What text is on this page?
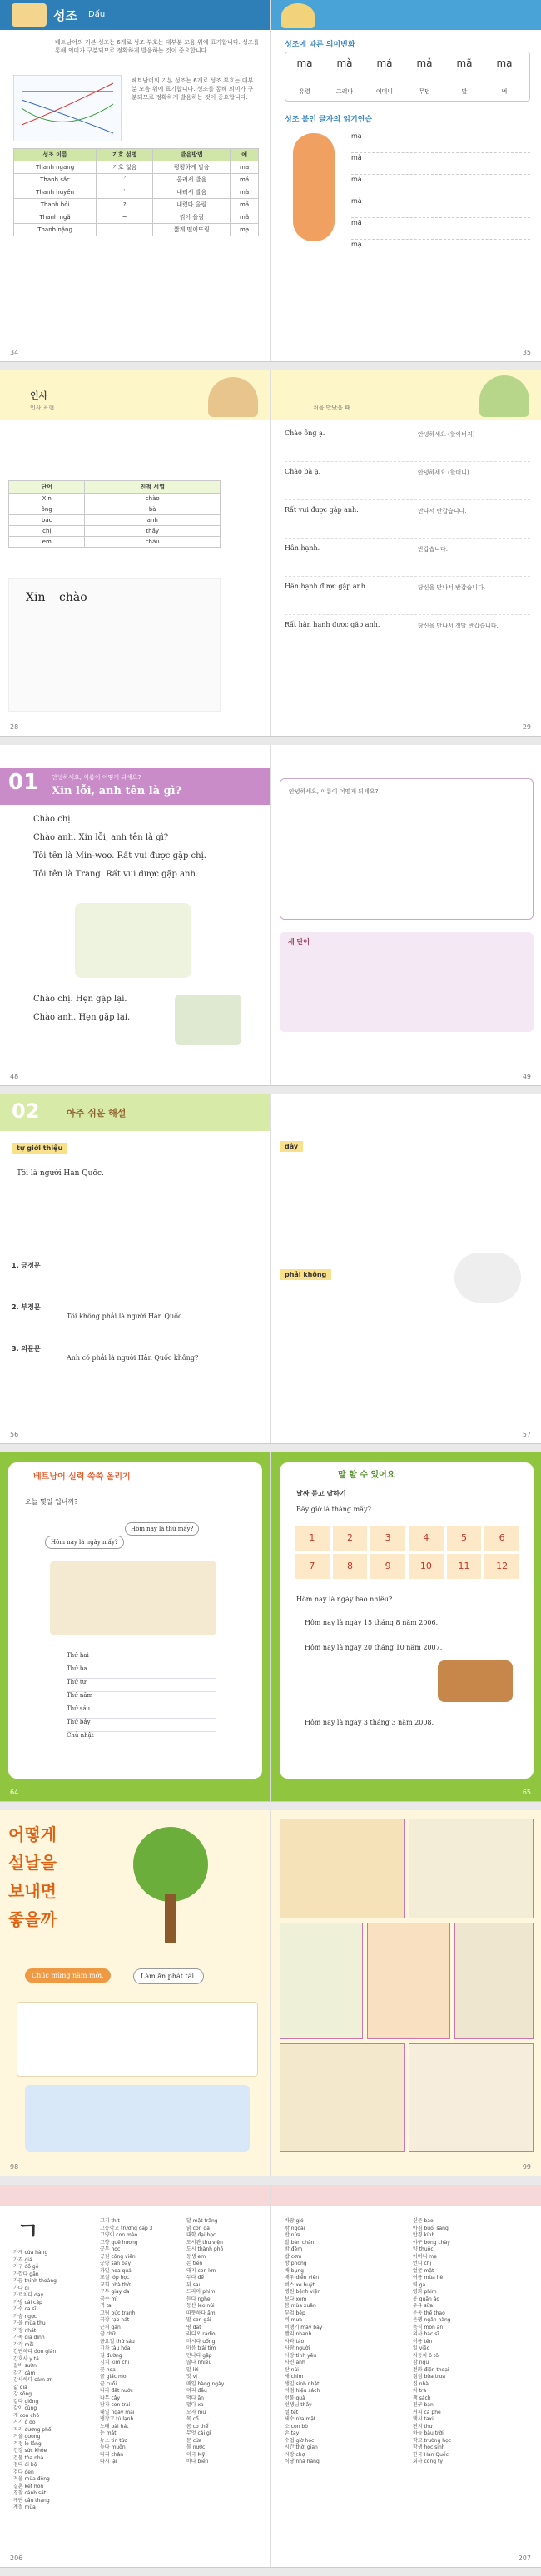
성조 Dấu
베트남어의 기본 성조는 6개로 성조 부호는 대부분 모음 위에 표기합니다. 성조를 통해 의미가 구분되므로 정확하게 발음하는 것이 중요합니다.
베트남어의 기본 성조는 6개로 성조 부호는 대부분 모음 위에 표기합니다. 성조를 통해 의미가 구분되므로 정확하게 발음하는 것이 중요합니다.
성조 이름	기호 설명	발음방법	예
Thanh ngang	기호 없음	평평하게 발음	ma
Thanh sắc	´	올려서 발음	má
Thanh huyền	`	내려서 발음	mà
Thanh hỏi	?	내렸다 올림	mả
Thanh ngã	~	꺾어 올림	mã
Thanh nặng	.	짧게 떨어뜨림	mạ
34
성조에 따른 의미변화
ma	mà	má	mả	mã	mạ
유령	그러나	어머니	무덤	말	벼
성조 붙인 글자의 읽기연습
ma
mà
má
mả
mã
mạ
35
인사
인사 표현
단어	친척 서열
Xin	chào
ông	bà
bác	anh
chị	thầy
em	cháu
Xin chào
28
처음 만났을 때
Chào ông ạ.	안녕하세요 (할아버지)
Chào bà ạ.	안녕하세요 (할머니)
Rất vui được gặp anh.	만나서 반갑습니다.
Hân hạnh.	반갑습니다.
Hân hạnh được gặp anh.	당신을 만나서 반갑습니다.
Rất hân hạnh được gặp anh.	당신을 만나서 정말 반갑습니다.
29
01 안녕하세요, 이름이 어떻게 되세요?
Xin lỗi, anh tên là gì?
Chào chị.
Chào anh. Xin lỗi, anh tên là gì?
Tôi tên là Min-woo. Rất vui được gặp chị.
Tôi tên là Trang. Rất vui được gặp anh.
Chào chị. Hẹn gặp lại.
Chào anh. Hẹn gặp lại.
48
안녕하세요, 이름이 어떻게 되세요?
새 단어
49
02	아주 쉬운 해설
tự giới thiệu
Tôi là người Hàn Quốc.
1. 긍정문
2. 부정문
3. 의문문
Tôi không phải là người Hàn Quốc.
Anh có phải là người Hàn Quốc không?
56
đây
phải không
57
베트남어 실력 쑥쑥 올리기
오늘 몇일 입니까?
Hôm nay là ngày mấy?
Hôm nay là thứ mấy?
Thứ hai
Thứ ba
Thứ tư
Thứ năm
Thứ sáu
Thứ bảy
Chủ nhật
64
말 할 수 있어요
날짜 묻고 답하기
Bây giờ là tháng mấy?
1	2	3	4	5	6
7	8	9	10	11	12
Hôm nay là ngày bao nhiêu?
Hôm nay là ngày 15 tháng 8 năm 2006.
Hôm nay là ngày 20 tháng 10 năm 2007.
Hôm nay là ngày 3 tháng 3 năm 2008.
65
어떻게
설날을
보내면
좋을까
Chúc mừng năm mới.	Làm ăn phát tài.
98	99
ㄱ
가게 cửa hàng
가격 giá
가구 đồ gỗ
가깝다 gần
가끔 thỉnh thoảng
가다 đi
가르치다 dạy
가방 cái cặp
가수 ca sĩ
가슴 ngực
가을 mùa thu
가장 nhất
가족 gia đình
각각 mỗi
간단하다 đơn giản
간호사 y tá
갈비 sườn
감기 cảm
감사하다 cảm ơn
값 giá
강 sông
같다 giống
같이 cùng
개 con chó
거기 ở đó
거리 đường phố
거울 gương
걱정 lo lắng
건강 sức khỏe
건물 tòa nhà
걷다 đi bộ
검다 đen
겨울 mùa đông
결혼 kết hôn
경찰 cảnh sát
계단 cầu thang
계절 mùa
고기 thịt
고등학교 trường cấp 3
고양이 con mèo
고향 quê hương
공부 học
공원 công viên
공항 sân bay
과일 hoa quả
교실 lớp học
교회 nhà thờ
구두 giày da
국수 mì
귀 tai
그림 bức tranh
극장 rạp hát
근처 gần
글 chữ
금요일 thứ sáu
기차 tàu hỏa
길 đường
김치 kim chi
꽃 hoa
꿈 giấc mơ
끝 cuối
나라 đất nước
나무 cây
남자 con trai
내일 ngày mai
냉장고 tủ lạnh
노래 bài hát
눈 mắt
뉴스 tin tức
늦다 muộn
다리 chân
다시 lại
달 mặt trăng
닭 con gà
대학 đại học
도서관 thư viện
도시 thành phố
동생 em
돈 tiền
돼지 con lợn
두다 để
뒤 sau
드라마 phim
듣다 nghe
등산 leo núi
따뜻하다 ấm
딸 con gái
땅 đất
라디오 radio
마시다 uống
마음 trái tim
만나다 gặp
많다 nhiều
말 lời
맛 vị
매일 hàng ngày
머리 đầu
먹다 ăn
멀다 xa
모자 mũ
목 cổ
몸 cơ thể
무엇 cái gì
문 cửa
물 nước
미국 Mỹ
바다 biển
206
바람 gió
밖 ngoài
반 nửa
발 bàn chân
밤 đêm
밥 cơm
방 phòng
배 bụng
배우 diễn viên
버스 xe buýt
병원 bệnh viện
보다 xem
봄 mùa xuân
부엌 bếp
비 mưa
비행기 máy bay
빨리 nhanh
사과 táo
사람 người
사랑 tình yêu
사진 ảnh
산 núi
새 chim
생일 sinh nhật
서점 hiệu sách
선물 quà
선생님 thầy
설 tết
세수 rửa mặt
소 con bò
손 tay
수업 giờ học
시간 thời gian
시장 chợ
식당 nhà hàng
신문 báo
아침 buổi sáng
안경 kính
야구 bóng chày
약 thuốc
어머니 mẹ
언니 chị
얼굴 mặt
여름 mùa hè
역 ga
영화 phim
옷 quần áo
우유 sữa
운동 thể thao
은행 ngân hàng
음식 món ăn
의사 bác sĩ
이름 tên
일 việc
자동차 ô tô
잠 ngủ
전화 điện thoại
점심 bữa trưa
집 nhà
차 trà
책 sách
친구 bạn
커피 cà phê
택시 taxi
편지 thư
하늘 bầu trời
학교 trường học
학생 học sinh
한국 Hàn Quốc
회사 công ty
207
